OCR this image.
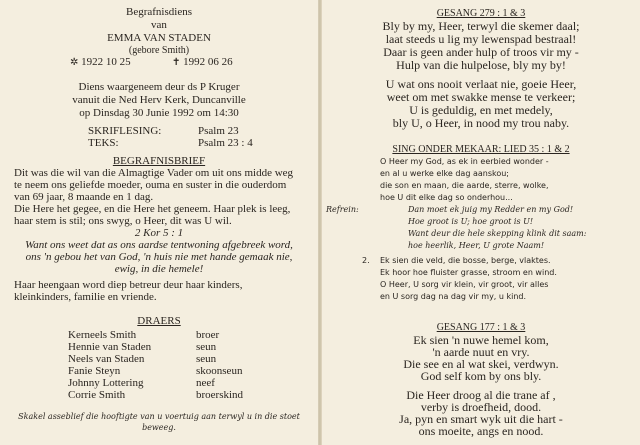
Begrafnisdiens
van
EMMA VAN STADEN
(gebore Smith)
✲ 1922 10 25	✝ 1992 06 26
Diens waargeneem deur ds P Kruger
vanuit die Ned Herv Kerk, Duncanville
op Dinsdag 30 Junie 1992 om 14:30
SKRIFLESING:	Psalm 23
TEKS:	Psalm 23 : 4
BEGRAFNISBRIEF
Dit was die wil van die Almagtige Vader om uit ons midde weg
te neem ons geliefde moeder, ouma en suster in die ouderdom
van 69 jaar, 8 maande en 1 dag.
Die Here het gegee, en die Here het geneem. Haar plek is leeg,
haar stem is stil; ons swyg, o Heer, dit was U wil.
2 Kor 5 : 1
Want ons weet dat as ons aardse tentwoning afgebreek word,
ons 'n gebou het van God, 'n huis nie met hande gemaak nie,
ewig, in die hemele!
Haar heengaan word diep betreur deur haar kinders,
kleinkinders, familie en vriende.
DRAERS
Kerneels Smith	broer
Hennie van Staden	seun
Neels van Staden	seun
Fanie Steyn	skoonseun
Johnny Lottering	neef
Corrie Smith	broerskind
Skakel asseblief die hooftigte van u voertuig aan terwyl u in die stoet
beweeg.
GESANG 279 : 1 & 3
Bly by my, Heer, terwyl die skemer daal;
laat steeds u lig my lewenspad bestraal!
Daar is geen ander hulp of troos vir my -
Hulp van die hulpelose, bly my by!
U wat ons nooit verlaat nie, goeie Heer,
weet om met swakke mense te verkeer;
U is geduldig, en met medely,
bly U, o Heer, in nood my trou naby.
SING ONDER MEKAAR: LIED 35 : 1 & 2
O Heer my God, as ek in eerbied wonder -
en al u werke elke dag aanskou;
die son en maan, die aarde, sterre, wolke,
hoe U dit elke dag so onderhou...
Refrein:	Dan moet ek juig my Redder en my God!
Hoe groot is U; hoe groot is U!
Want deur die hele skepping klink dit saam:
hoe heerlik, Heer, U grote Naam!
2. Ek sien die veld, die bosse, berge, vlaktes.
Ek hoor hoe fluister grasse, stroom en wind.
O Heer, U sorg vir klein, vir groot, vir alles
en U sorg dag na dag vir my, u kind.
GESANG 177 : 1 & 3
Ek sien 'n nuwe hemel kom,
'n aarde nuut en vry.
Die see en al wat skei, verdwyn.
God self kom by ons bly.
Die Heer droog al die trane af ,
verby is droefheid, dood.
Ja, pyn en smart wyk uit die hart -
ons moeite, angs en nood.
